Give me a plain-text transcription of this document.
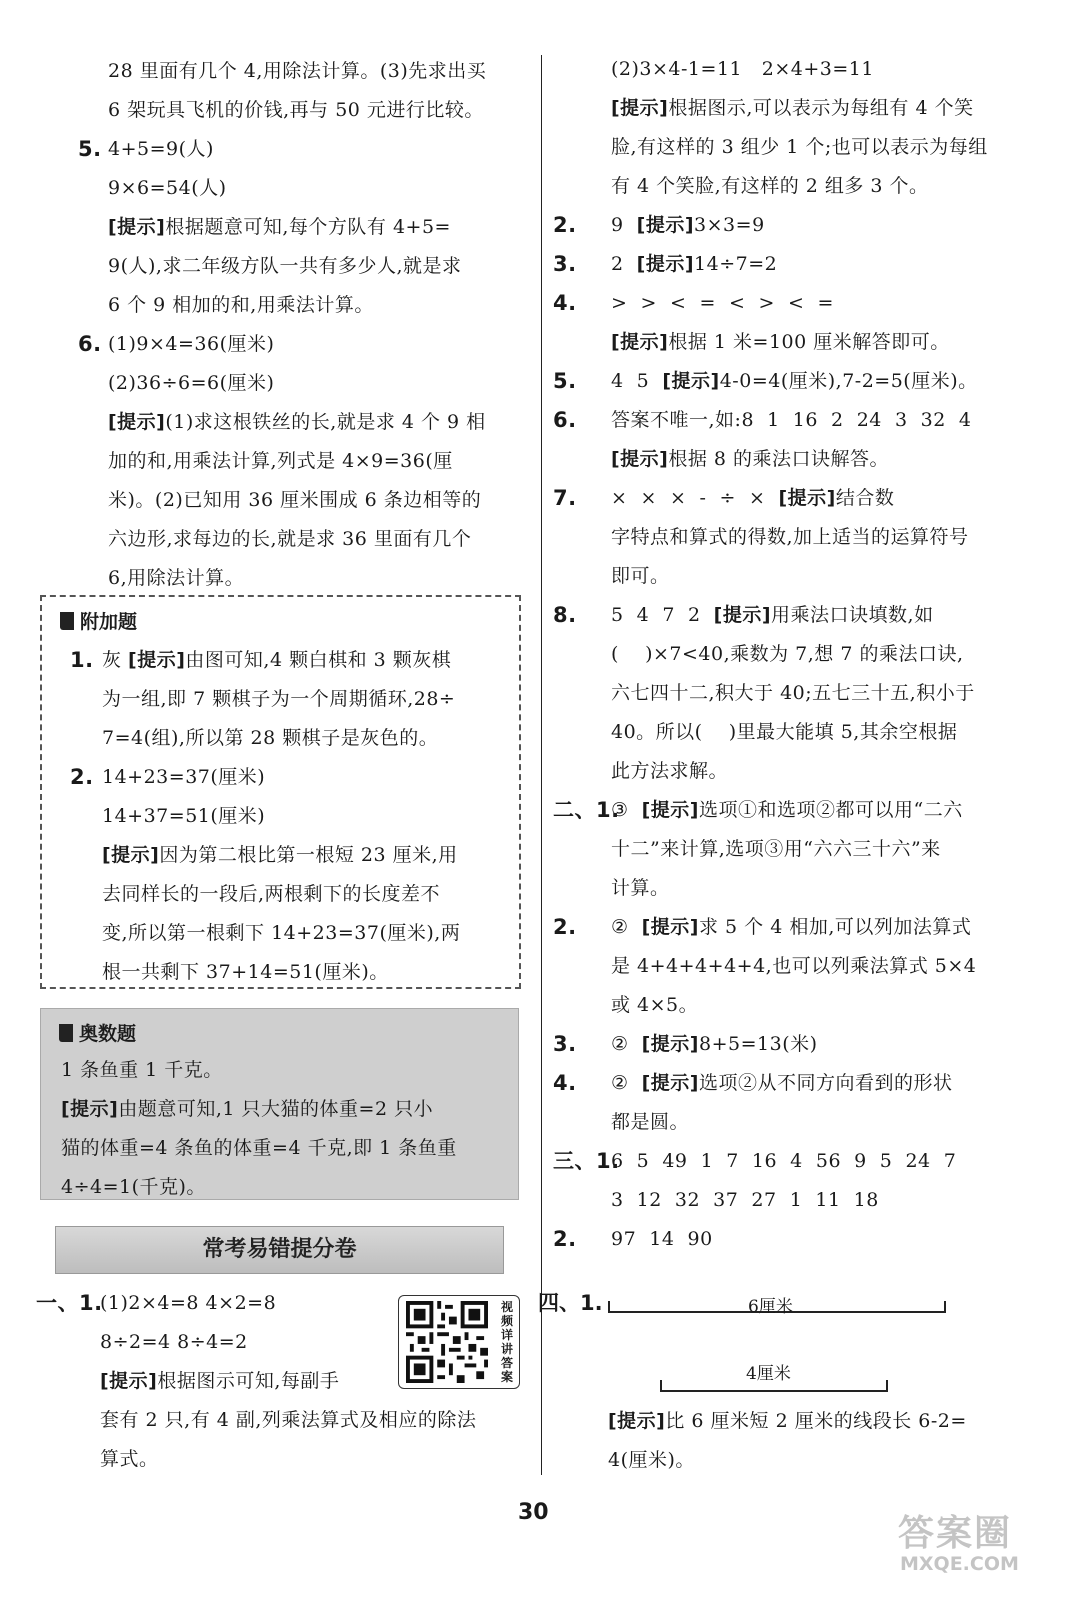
28 里面有几个 4,用除法计算。(3)先求出买
6 架玩具飞机的价钱,再与 50 元进行比较。
5. 4+5=9(人)
9×6=54(人)
[提示]根据题意可知,每个方队有 4+5=
9(人),求二年级方队一共有多少人,就是求
6 个 9 相加的和,用乘法计算。
6. (1)9×4=36(厘米)
(2)36÷6=6(厘米)
[提示](1)求这根铁丝的长,就是求 4 个 9 相
加的和,用乘法计算,列式是 4×9=36(厘
米)。(2)已知用 36 厘米围成 6 条边相等的
六边形,求每边的长,就是求 36 里面有几个
6,用除法计算。
附加题
1. 灰 [提示]由图可知,4 颗白棋和 3 颗灰棋
为一组,即 7 颗棋子为一个周期循环,28÷
7=4(组),所以第 28 颗棋子是灰色的。
2. 14+23=37(厘米)
14+37=51(厘米)
[提示]因为第二根比第一根短 23 厘米,用
去同样长的一段后,两根剩下的长度差不
变,所以第一根剩下 14+23=37(厘米),两
根一共剩下 37+14=51(厘米)。
奥数题
1 条鱼重 1 千克。
[提示]由题意可知,1 只大猫的体重=2 只小
猫的体重=4 条鱼的体重=4 千克,即 1 条鱼重
4÷4=1(千克)。
常考易错提分卷
一、1.
(1)2×4=8 4×2=8
8÷2=4 8÷4=2
[提示]根据图示可知,每副手
套有 2 只,有 4 副,列乘法算式及相应的除法
算式。
视频详讲答案
(2)3×4-1=11   2×4+3=11
[提示]根据图示,可以表示为每组有 4 个笑
脸,有这样的 3 组少 1 个;也可以表示为每组
有 4 个笑脸,有这样的 2 组多 3 个。
2. 9  [提示]3×3=9
3. 2  [提示]14÷7=2
4. >  >  <  =  <  >  <  =
[提示]根据 1 米=100 厘米解答即可。
5. 4  5  [提示]4-0=4(厘米),7-2=5(厘米)。
6. 答案不唯一,如:8  1  16  2  24  3  32  4
[提示]根据 8 的乘法口诀解答。
7. ×  ×  ×  -  ÷  ×  [提示]结合数
字特点和算式的得数,加上适当的运算符号
即可。
8. 5  4  7  2  [提示]用乘法口诀填数,如
(    )×7<40,乘数为 7,想 7 的乘法口诀,
六七四十二,积大于 40;五七三十五,积小于
40。所以(    )里最大能填 5,其余空根据
此方法求解。
二、1.
③  [提示]选项①和选项②都可以用“二六
十二”来计算,选项③用“六六三十六”来
计算。
2. ②  [提示]求 5 个 4 相加,可以列加法算式
是 4+4+4+4+4,也可以列乘法算式 5×4
或 4×5。
3. ②  [提示]8+5=13(米)
4. ②  [提示]选项②从不同方向看到的形状
都是圆。
三、1.
6  5  49  1  7  16  4  56  9  5  24  7
3  12  32  37  27  1  11  18
2. 97  14  90
四、1.	6厘米
4厘米
[提示]比 6 厘米短 2 厘米的线段长 6-2=
4(厘米)。
30
答案圈
MXQE.COM
